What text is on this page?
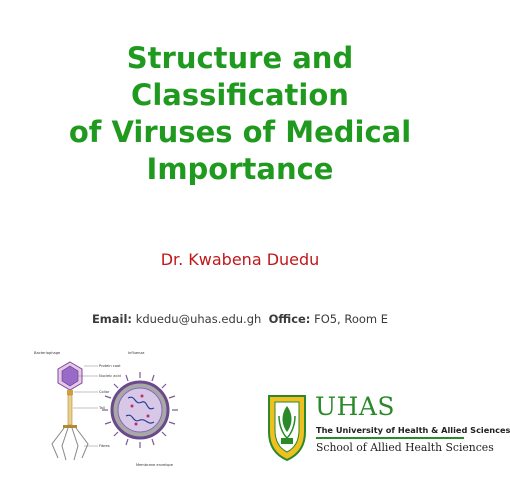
Structure and
Classification
of Viruses of Medical
Importance
Dr. Kwabena Duedu
Email: kduedu@uhas.edu.gh Office: FO5, Room E
Bacteriophage	Influenza
Protein coat
Nucleic acid
Collar
Tail
Fibres
Membrane envelope
UHAS
The University of Health & Allied Sciences
School of Allied Health Sciences
